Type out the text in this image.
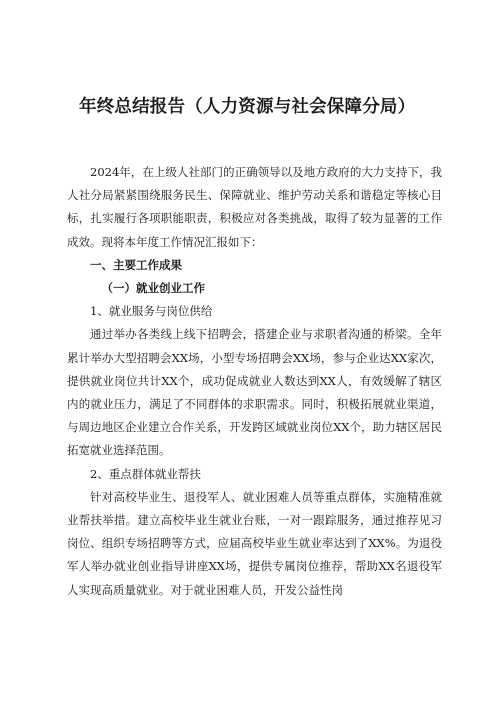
年终总结报告（人力资源与社会保障分局）

2024年，在上级人社部门的正确领导以及地方政府的大力支持下，我人社分局紧紧围绕服务民生、保障就业、维护劳动关系和谐稳定等核心目标，扎实履行各项职能职责，积极应对各类挑战，取得了较为显著的工作成效。现将本年度工作情况汇报如下：

一、主要工作成果

（一）就业创业工作

1、就业服务与岗位供给

通过举办各类线上线下招聘会，搭建企业与求职者沟通的桥梁。全年累计举办大型招聘会XX场，小型专场招聘会XX场，参与企业达XX家次，提供就业岗位共计XX个，成功促成就业人数达到XX人，有效缓解了辖区内的就业压力，满足了不同群体的求职需求。同时，积极拓展就业渠道，与周边地区企业建立合作关系，开发跨区域就业岗位XX个，助力辖区居民拓宽就业选择范围。

2、重点群体就业帮扶

针对高校毕业生、退役军人、就业困难人员等重点群体，实施精准就业帮扶举措。建立高校毕业生就业台账，一对一跟踪服务，通过推荐见习岗位、组织专场招聘等方式，应届高校毕业生就业率达到了XX%。为退役军人举办就业创业指导讲座XX场，提供专属岗位推荐，帮助XX名退役军人实现高质量就业。对于就业困难人员，开发公益性岗
